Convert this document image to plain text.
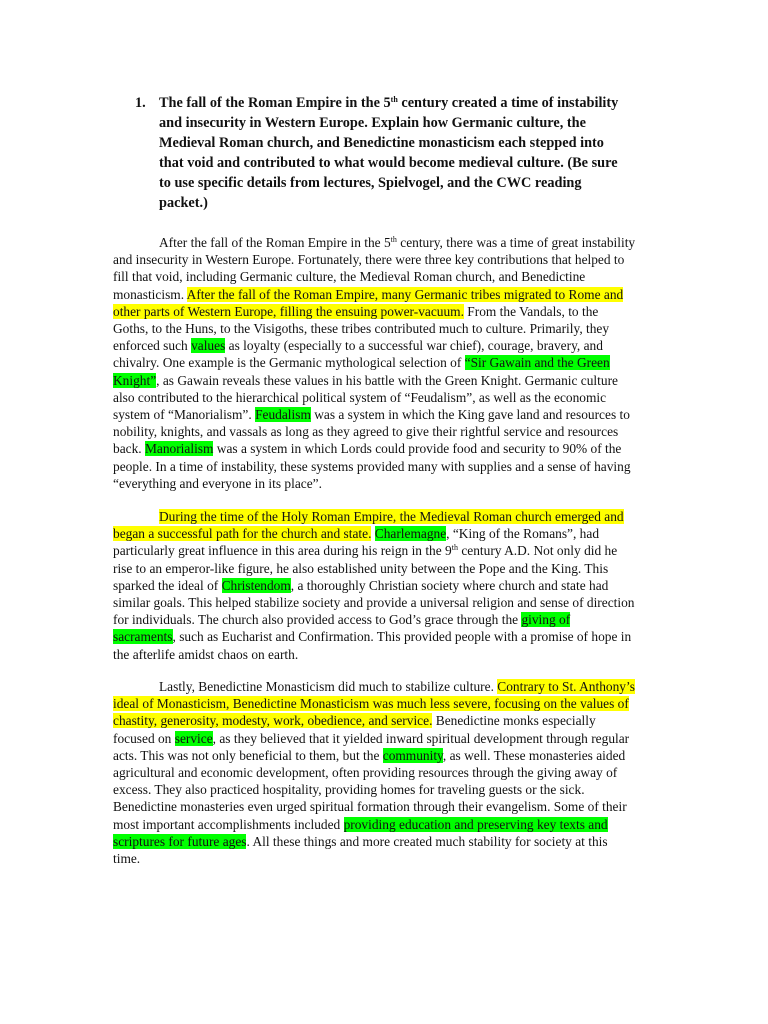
1. The fall of the Roman Empire in the 5th century created a time of instability
and insecurity in Western Europe. Explain how Germanic culture, the
Medieval Roman church, and Benedictine monasticism each stepped into
that void and contributed to what would become medieval culture. (Be sure
to use specific details from lectures, Spielvogel, and the CWC reading
packet.)
After the fall of the Roman Empire in the 5th century, there was a time of great instability
and insecurity in Western Europe. Fortunately, there were three key contributions that helped to
fill that void, including Germanic culture, the Medieval Roman church, and Benedictine
monasticism. After the fall of the Roman Empire, many Germanic tribes migrated to Rome and
other parts of Western Europe, filling the ensuing power-vacuum. From the Vandals, to the
Goths, to the Huns, to the Visigoths, these tribes contributed much to culture. Primarily, they
enforced such values as loyalty (especially to a successful war chief), courage, bravery, and
chivalry. One example is the Germanic mythological selection of “Sir Gawain and the Green
Knight”, as Gawain reveals these values in his battle with the Green Knight. Germanic culture
also contributed to the hierarchical political system of “Feudalism”, as well as the economic
system of “Manorialism”. Feudalism was a system in which the King gave land and resources to
nobility, knights, and vassals as long as they agreed to give their rightful service and resources
back. Manorialism was a system in which Lords could provide food and security to 90% of the
people. In a time of instability, these systems provided many with supplies and a sense of having
“everything and everyone in its place”.
During the time of the Holy Roman Empire, the Medieval Roman church emerged and
began a successful path for the church and state. Charlemagne, “King of the Romans”, had
particularly great influence in this area during his reign in the 9th century A.D. Not only did he
rise to an emperor-like figure, he also established unity between the Pope and the King. This
sparked the ideal of Christendom, a thoroughly Christian society where church and state had
similar goals. This helped stabilize society and provide a universal religion and sense of direction
for individuals. The church also provided access to God’s grace through the giving of
sacraments, such as Eucharist and Confirmation. This provided people with a promise of hope in
the afterlife amidst chaos on earth.
Lastly, Benedictine Monasticism did much to stabilize culture. Contrary to St. Anthony’s
ideal of Monasticism, Benedictine Monasticism was much less severe, focusing on the values of
chastity, generosity, modesty, work, obedience, and service. Benedictine monks especially
focused on service, as they believed that it yielded inward spiritual development through regular
acts. This was not only beneficial to them, but the community, as well. These monasteries aided
agricultural and economic development, often providing resources through the giving away of
excess. They also practiced hospitality, providing homes for traveling guests or the sick.
Benedictine monasteries even urged spiritual formation through their evangelism. Some of their
most important accomplishments included providing education and preserving key texts and
scriptures for future ages. All these things and more created much stability for society at this
time.
